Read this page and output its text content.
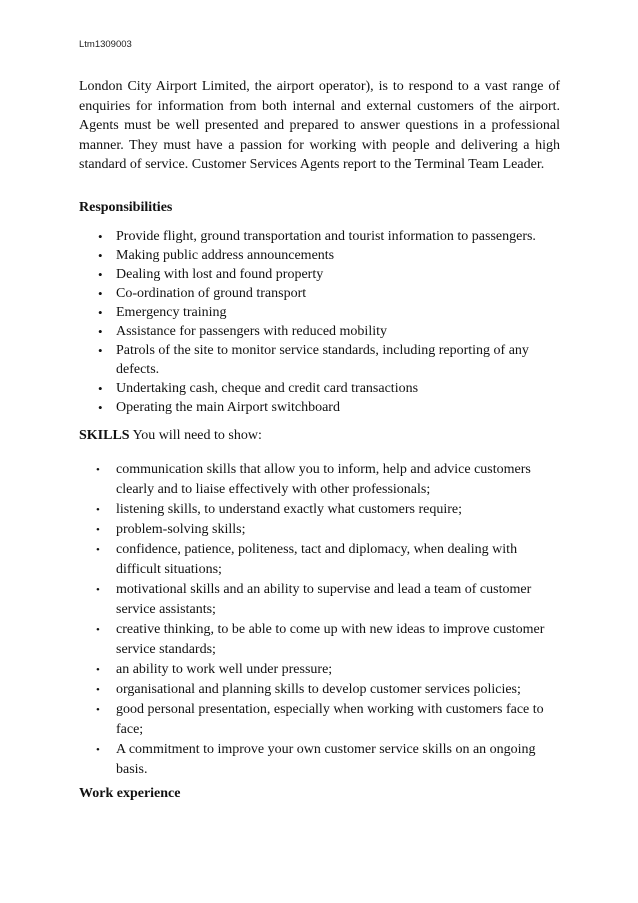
Ltm1309003

London City Airport Limited, the airport operator), is to respond to a vast range of enquiries for information from both internal and external customers of the airport. Agents must be well presented and prepared to answer questions in a professional manner. They must have a passion for working with people and delivering a high standard of service. Customer Services Agents report to the Terminal Team Leader.

Responsibilities
• Provide flight, ground transportation and tourist information to passengers.
• Making public address announcements
• Dealing with lost and found property
• Co-ordination of ground transport
• Emergency training
• Assistance for passengers with reduced mobility
• Patrols of the site to monitor service standards, including reporting of any defects.
• Undertaking cash, cheque and credit card transactions
• Operating the main Airport switchboard
SKILLS You will need to show:
• communication skills that allow you to inform, help and advice customers clearly and to liaise effectively with other professionals;
• listening skills, to understand exactly what customers require;
• problem-solving skills;
• confidence, patience, politeness, tact and diplomacy, when dealing with difficult situations;
• motivational skills and an ability to supervise and lead a team of customer service assistants;
• creative thinking, to be able to come up with new ideas to improve customer service standards;
• an ability to work well under pressure;
• organisational and planning skills to develop customer services policies;
• good personal presentation, especially when working with customers face to face;
• A commitment to improve your own customer service skills on an ongoing basis.
Work experience
